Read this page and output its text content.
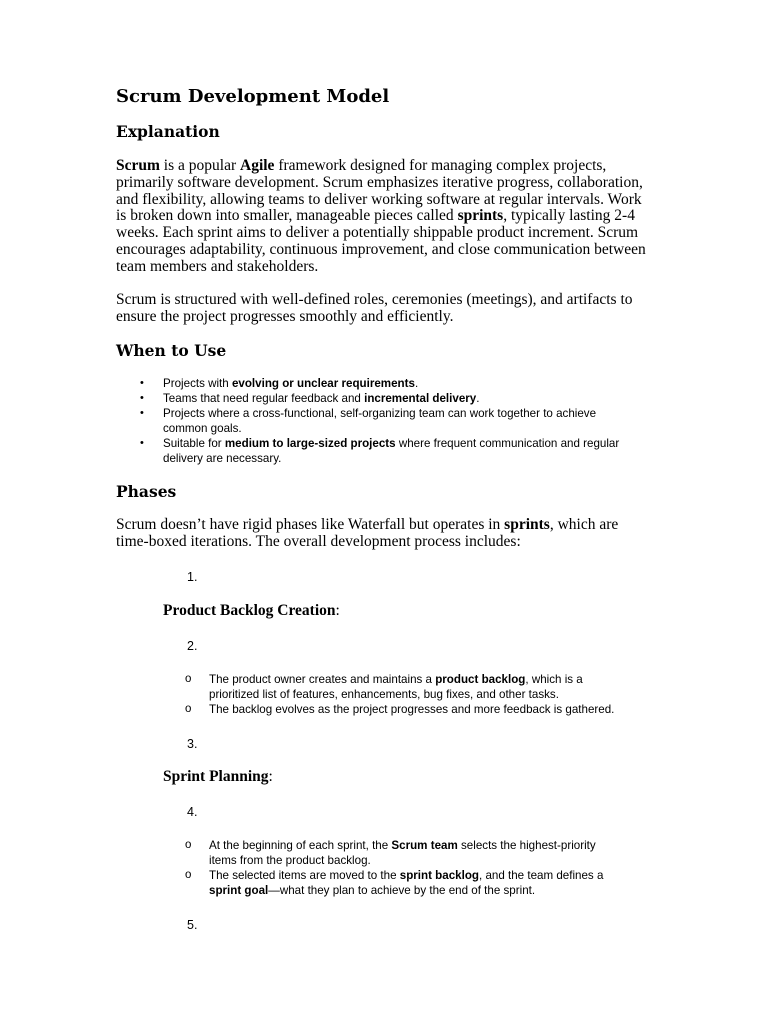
Scrum Development Model
Explanation

Scrum is a popular Agile framework designed for managing complex projects, primarily software development. Scrum emphasizes iterative progress, collaboration, and flexibility, allowing teams to deliver working software at regular intervals. Work is broken down into smaller, manageable pieces called sprints, typically lasting 2-4 weeks. Each sprint aims to deliver a potentially shippable product increment. Scrum encourages adaptability, continuous improvement, and close communication between team members and stakeholders.

Scrum is structured with well-defined roles, ceremonies (meetings), and artifacts to ensure the project progresses smoothly and efficiently.

When to Use
• Projects with evolving or unclear requirements.
• Teams that need regular feedback and incremental delivery.
• Projects where a cross-functional, self-organizing team can work together to achieve common goals.
• Suitable for medium to large-sized projects where frequent communication and regular delivery are necessary.
Phases

Scrum doesn’t have rigid phases like Waterfall but operates in sprints, which are time-boxed iterations. The overall development process includes:

1.
Product Backlog Creation:
2.
o The product owner creates and maintains a product backlog, which is a prioritized list of features, enhancements, bug fixes, and other tasks.
o The backlog evolves as the project progresses and more feedback is gathered.
3.
Sprint Planning:
4.
o At the beginning of each sprint, the Scrum team selects the highest-priority items from the product backlog.
o The selected items are moved to the sprint backlog, and the team defines a sprint goal—what they plan to achieve by the end of the sprint.
5.
